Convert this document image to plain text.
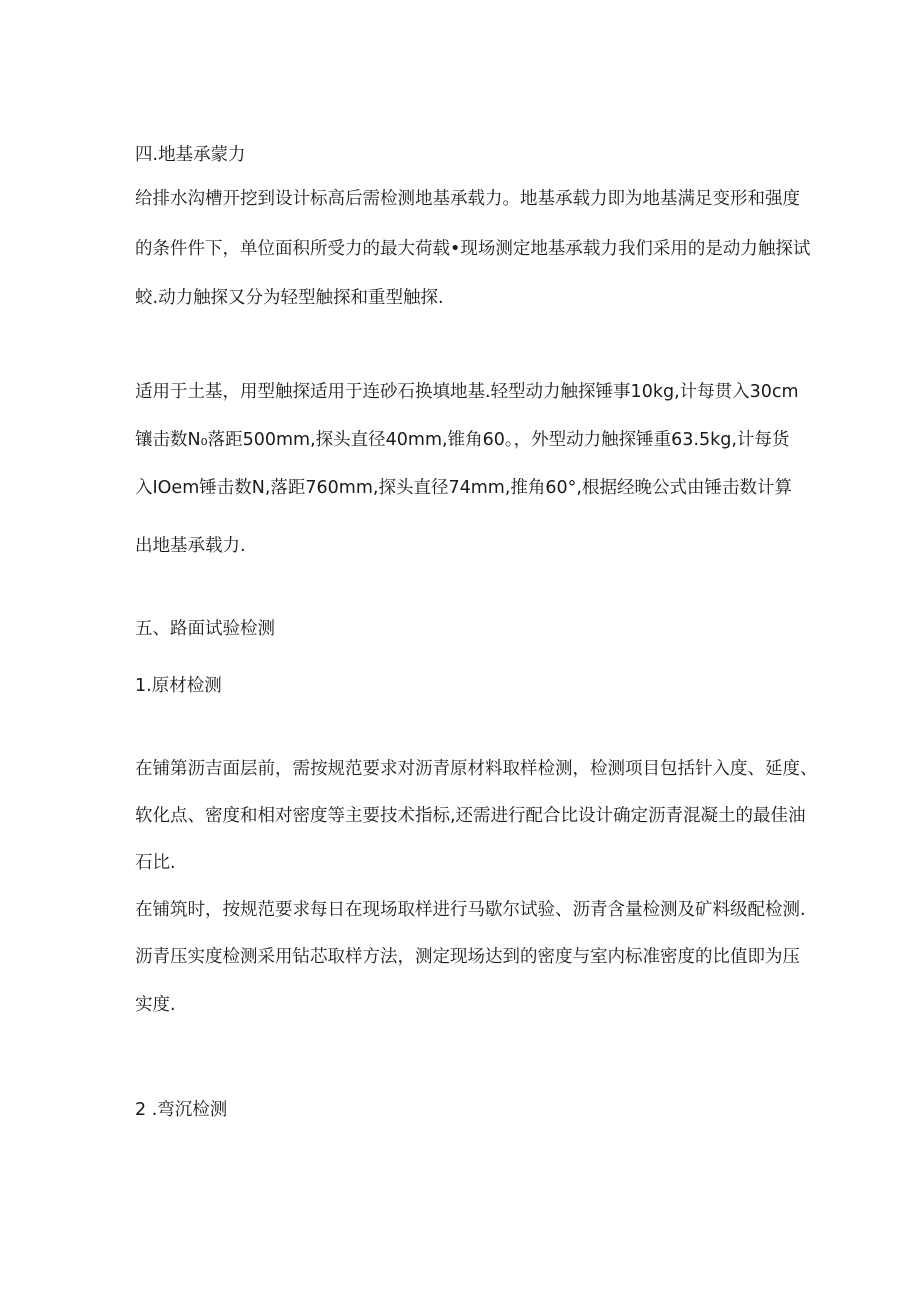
四.地基承蒙力
给排水沟槽开挖到设计标高后需检测地基承载力。地基承载力即为地基满足变形和强度
的条件件下，单位面积所受力的最大荷载•现场测定地基承载力我们采用的是动力触探试
蛟.动力触探又分为轻型触探和重型触探.
适用于土基，用型触探适用于连砂石换填地基.轻型动力触探锤事10kg,计每贯入30cm
镶击数N₀落距500mm,探头直径40mm,锥角60。，外型动力触探锤重63.5kg,计每货
入IOem锤击数N,落距760mm,探头直径74mm,推角60°,根据经晚公式由锤击数计算
出地基承载力.
五、路面试验检测
1.原材检测
在铺第沥吉面层前，需按规范要求对沥青原材料取样检测，检测项目包括针入度、延度、
软化点、密度和相对密度等主要技术指标,还需进行配合比设计确定沥青混凝土的最佳油
石比.
在铺筑时，按规范要求每日在现场取样进行马歇尔试验、沥青含量检测及矿料级配检测.
沥青压实度检测采用钻芯取样方法，测定现场达到的密度与室内标准密度的比值即为压
实度.
2 .弯沉检测
